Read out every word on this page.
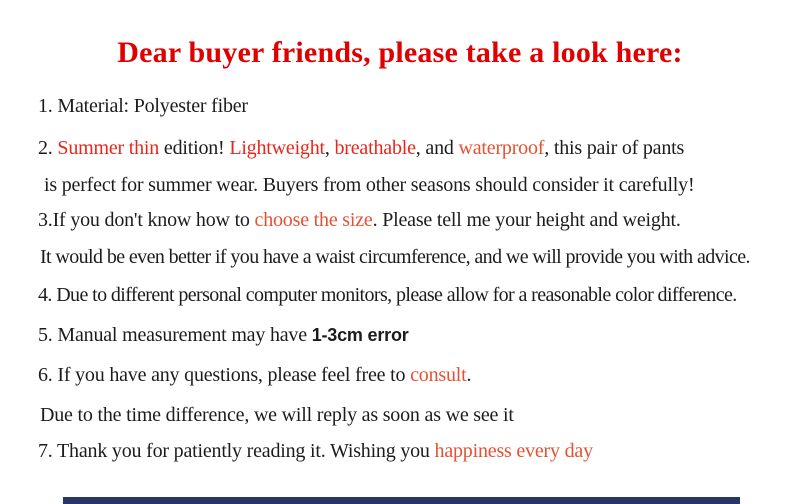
Dear buyer friends, please take a look here:
1. Material: Polyester fiber
2. Summer thin edition! Lightweight, breathable, and waterproof, this pair of pants
is perfect for summer wear. Buyers from other seasons should consider it carefully!
3.If you don't know how to choose the size. Please tell me your height and weight.
It would be even better if you have a waist circumference, and we will provide you with advice.
4. Due to different personal computer monitors, please allow for a reasonable color difference.
5. Manual measurement may have 1-3cm error
6. If you have any questions, please feel free to consult.
Due to the time difference, we will reply as soon as we see it
7. Thank you for patiently reading it. Wishing you happiness every day
